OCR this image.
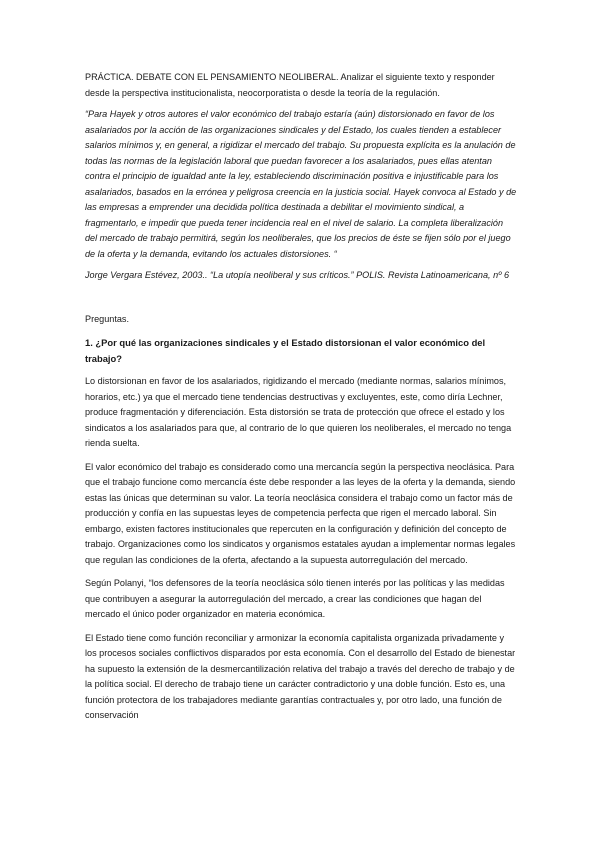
PRÁCTICA. DEBATE CON EL PENSAMIENTO NEOLIBERAL. Analizar el siguiente texto y responder desde la perspectiva institucionalista, neocorporatista o desde la teoría de la regulación.

“Para Hayek y otros autores el valor económico del trabajo estaría (aún) distorsionado en favor de los asalariados por la acción de las organizaciones sindicales y del Estado, los cuales tienden a establecer salarios mínimos y, en general, a rigidizar el mercado del trabajo. Su propuesta explícita es la anulación de todas las normas de la legislación laboral que puedan favorecer a los asalariados, pues ellas atentan contra el principio de igualdad ante la ley, estableciendo discriminación positiva e injustificable para los asalariados, basados en la errónea y peligrosa creencia en la justicia social. Hayek convoca al Estado y de las empresas a emprender una decidida política destinada a debilitar el movimiento sindical, a fragmentarlo, e impedir que pueda tener incidencia real en el nivel de salario. La completa liberalización del mercado de trabajo permitirá, según los neoliberales, que los precios de éste se fijen sólo por el juego de la oferta y la demanda, evitando los actuales distorsiones. “

Jorge Vergara Estévez, 2003.. “La utopía neoliberal y sus críticos.” POLIS. Revista Latinoamericana, nº 6

Preguntas.

1. ¿Por qué las organizaciones sindicales y el Estado distorsionan el valor económico del trabajo?

Lo distorsionan en favor de los asalariados, rigidizando el mercado (mediante normas, salarios mínimos, horarios, etc.) ya que el mercado tiene tendencias destructivas y excluyentes, este, como diría Lechner, produce fragmentación y diferenciación. Esta distorsión se trata de protección que ofrece el estado y los sindicatos a los asalariados para que, al contrario de lo que quieren los neoliberales, el mercado no tenga rienda suelta.

El valor económico del trabajo es considerado como una mercancía según la perspectiva neoclásica. Para que el trabajo funcione como mercancía éste debe responder a las leyes de la oferta y la demanda, siendo estas las únicas que determinan su valor. La teoría neoclásica considera el trabajo como un factor más de producción y confía en las supuestas leyes de competencia perfecta que rigen el mercado laboral. Sin embargo, existen factores institucionales que repercuten en la configuración y definición del concepto de trabajo. Organizaciones como los sindicatos y organismos estatales ayudan a implementar normas legales que regulan las condiciones de la oferta, afectando a la supuesta autorregulación del mercado.

Según Polanyi, “los defensores de la teoría neoclásica sólo tienen interés por las políticas y las medidas que contribuyen a asegurar la autorregulación del mercado, a crear las condiciones que hagan del mercado el único poder organizador en materia económica.

El Estado tiene como función reconciliar y armonizar la economía capitalista organizada privadamente y los procesos sociales conflictivos disparados por esta economía. Con el desarrollo del Estado de bienestar ha supuesto la extensión de la desmercantilización relativa del trabajo a través del derecho de trabajo y de la política social. El derecho de trabajo tiene un carácter contradictorio y una doble función. Esto es, una función protectora de los trabajadores mediante garantías contractuales y, por otro lado, una función de conservación
